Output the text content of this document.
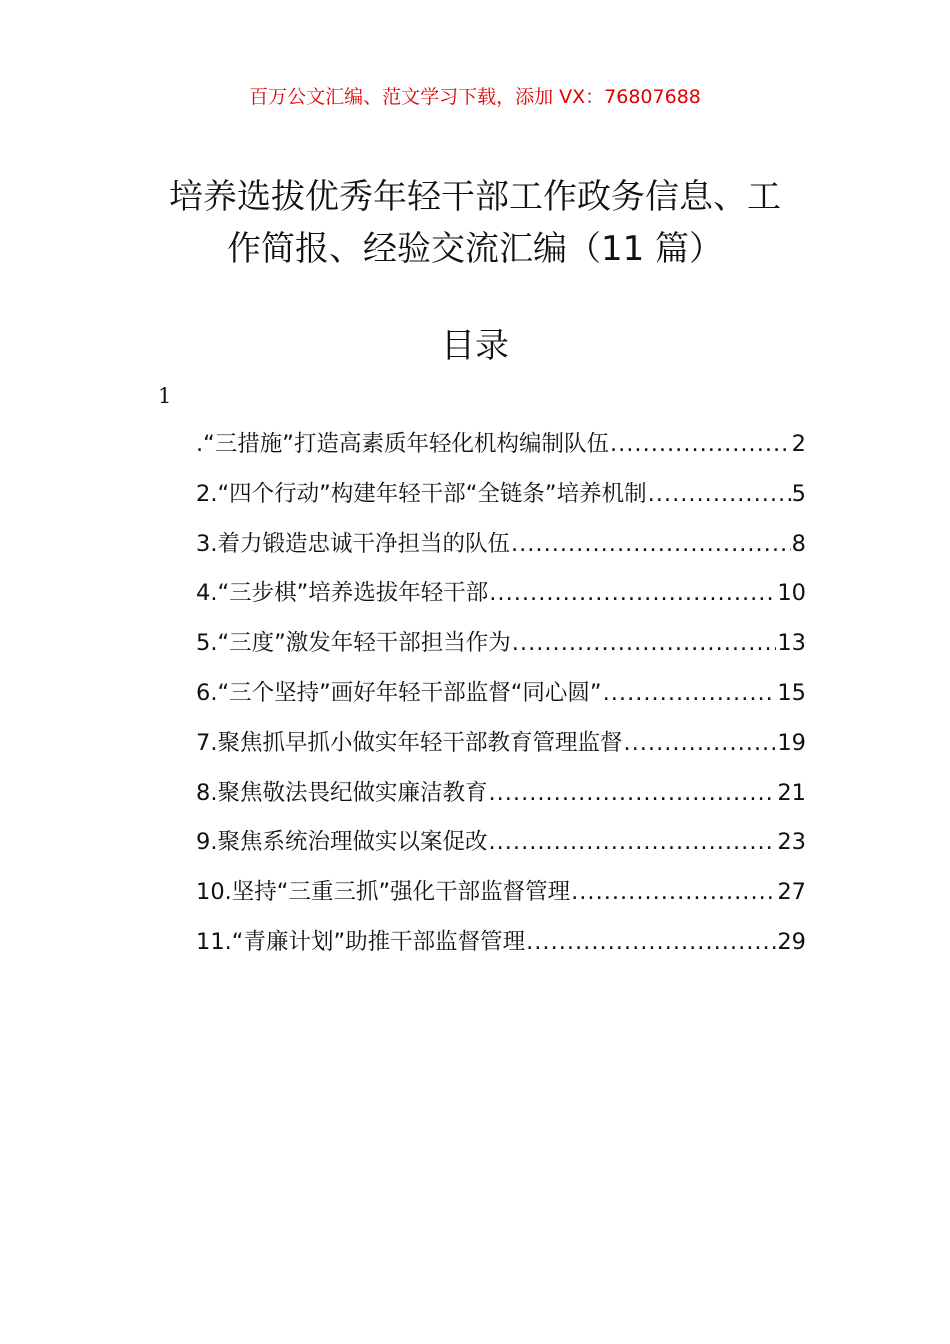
百万公文汇编、范文学习下载，添加 VX：76807688
培养选拔优秀年轻干部工作政务信息、工
作简报、经验交流汇编（11 篇）
目录
1
.“三措施”打造高素质年轻化机构编制队伍 .....	2
2.“四个行动”构建年轻干部“全链条”培养机制 .....	5
3.着力锻造忠诚干净担当的队伍 .....	8
4.“三步棋”培养选拔年轻干部 .....	10
5.“三度”激发年轻干部担当作为 .....	13
6.“三个坚持”画好年轻干部监督“同心圆” .....	15
7.聚焦抓早抓小做实年轻干部教育管理监督 .....	19
8.聚焦敬法畏纪做实廉洁教育 .....	21
9.聚焦系统治理做实以案促改 .....	23
10.坚持“三重三抓”强化干部监督管理 .....	27
11.“青廉计划”助推干部监督管理 .....	29
